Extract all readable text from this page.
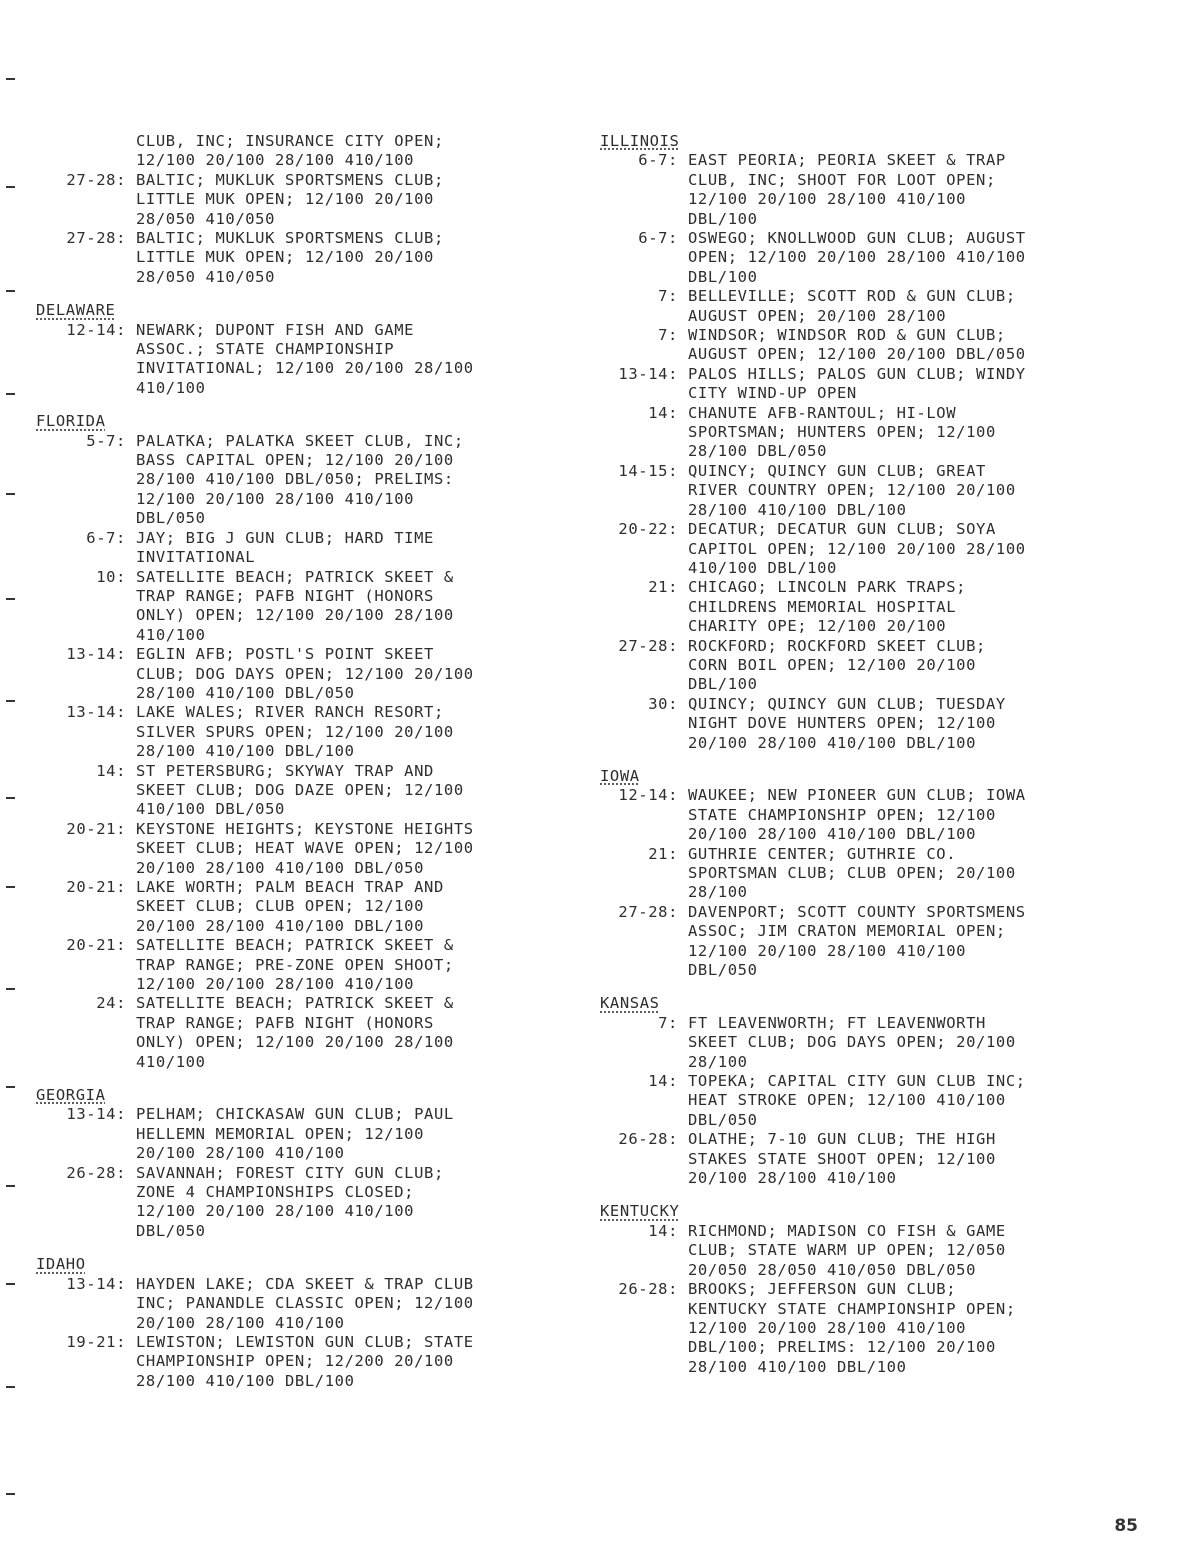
CLUB, INC; INSURANCE CITY OPEN;
12/100 20/100 28/100 410/100
27-28: BALTIC; MUKLUK SPORTSMENS CLUB;
LITTLE MUK OPEN; 12/100 20/100
28/050 410/050
27-28: BALTIC; MUKLUK SPORTSMENS CLUB;
LITTLE MUK OPEN; 12/100 20/100
28/050 410/050
DELAWARE
12-14: NEWARK; DUPONT FISH AND GAME
ASSOC.; STATE CHAMPIONSHIP
INVITATIONAL; 12/100 20/100 28/100
410/100
FLORIDA
5-7: PALATKA; PALATKA SKEET CLUB, INC;
BASS CAPITAL OPEN; 12/100 20/100
28/100 410/100 DBL/050; PRELIMS:
12/100 20/100 28/100 410/100
DBL/050
6-7: JAY; BIG J GUN CLUB; HARD TIME
INVITATIONAL
10: SATELLITE BEACH; PATRICK SKEET &
TRAP RANGE; PAFB NIGHT (HONORS
ONLY) OPEN; 12/100 20/100 28/100
410/100
13-14: EGLIN AFB; POSTL'S POINT SKEET
CLUB; DOG DAYS OPEN; 12/100 20/100
28/100 410/100 DBL/050
13-14: LAKE WALES; RIVER RANCH RESORT;
SILVER SPURS OPEN; 12/100 20/100
28/100 410/100 DBL/100
14: ST PETERSBURG; SKYWAY TRAP AND
SKEET CLUB; DOG DAZE OPEN; 12/100
410/100 DBL/050
20-21: KEYSTONE HEIGHTS; KEYSTONE HEIGHTS
SKEET CLUB; HEAT WAVE OPEN; 12/100
20/100 28/100 410/100 DBL/050
20-21: LAKE WORTH; PALM BEACH TRAP AND
SKEET CLUB; CLUB OPEN; 12/100
20/100 28/100 410/100 DBL/100
20-21: SATELLITE BEACH; PATRICK SKEET &
TRAP RANGE; PRE-ZONE OPEN SHOOT;
12/100 20/100 28/100 410/100
24: SATELLITE BEACH; PATRICK SKEET &
TRAP RANGE; PAFB NIGHT (HONORS
ONLY) OPEN; 12/100 20/100 28/100
410/100
GEORGIA
13-14: PELHAM; CHICKASAW GUN CLUB; PAUL
HELLEMN MEMORIAL OPEN; 12/100
20/100 28/100 410/100
26-28: SAVANNAH; FOREST CITY GUN CLUB;
ZONE 4 CHAMPIONSHIPS CLOSED;
12/100 20/100 28/100 410/100
DBL/050
IDAHO
13-14: HAYDEN LAKE; CDA SKEET & TRAP CLUB
INC; PANANDLE CLASSIC OPEN; 12/100
20/100 28/100 410/100
19-21: LEWISTON; LEWISTON GUN CLUB; STATE
CHAMPIONSHIP OPEN; 12/200 20/100
28/100 410/100 DBL/100
ILLINOIS
6-7: EAST PEORIA; PEORIA SKEET & TRAP
CLUB, INC; SHOOT FOR LOOT OPEN;
12/100 20/100 28/100 410/100
DBL/100
6-7: OSWEGO; KNOLLWOOD GUN CLUB; AUGUST
OPEN; 12/100 20/100 28/100 410/100
DBL/100
7: BELLEVILLE; SCOTT ROD & GUN CLUB;
AUGUST OPEN; 20/100 28/100
7: WINDSOR; WINDSOR ROD & GUN CLUB;
AUGUST OPEN; 12/100 20/100 DBL/050
13-14: PALOS HILLS; PALOS GUN CLUB; WINDY
CITY WIND-UP OPEN
14: CHANUTE AFB-RANTOUL; HI-LOW
SPORTSMAN; HUNTERS OPEN; 12/100
28/100 DBL/050
14-15: QUINCY; QUINCY GUN CLUB; GREAT
RIVER COUNTRY OPEN; 12/100 20/100
28/100 410/100 DBL/100
20-22: DECATUR; DECATUR GUN CLUB; SOYA
CAPITOL OPEN; 12/100 20/100 28/100
410/100 DBL/100
21: CHICAGO; LINCOLN PARK TRAPS;
CHILDRENS MEMORIAL HOSPITAL
CHARITY OPE; 12/100 20/100
27-28: ROCKFORD; ROCKFORD SKEET CLUB;
CORN BOIL OPEN; 12/100 20/100
DBL/100
30: QUINCY; QUINCY GUN CLUB; TUESDAY
NIGHT DOVE HUNTERS OPEN; 12/100
20/100 28/100 410/100 DBL/100
IOWA
12-14: WAUKEE; NEW PIONEER GUN CLUB; IOWA
STATE CHAMPIONSHIP OPEN; 12/100
20/100 28/100 410/100 DBL/100
21: GUTHRIE CENTER; GUTHRIE CO.
SPORTSMAN CLUB; CLUB OPEN; 20/100
28/100
27-28: DAVENPORT; SCOTT COUNTY SPORTSMENS
ASSOC; JIM CRATON MEMORIAL OPEN;
12/100 20/100 28/100 410/100
DBL/050
KANSAS
7: FT LEAVENWORTH; FT LEAVENWORTH
SKEET CLUB; DOG DAYS OPEN; 20/100
28/100
14: TOPEKA; CAPITAL CITY GUN CLUB INC;
HEAT STROKE OPEN; 12/100 410/100
DBL/050
26-28: OLATHE; 7-10 GUN CLUB; THE HIGH
STAKES STATE SHOOT OPEN; 12/100
20/100 28/100 410/100
KENTUCKY
14: RICHMOND; MADISON CO FISH & GAME
CLUB; STATE WARM UP OPEN; 12/050
20/050 28/050 410/050 DBL/050
26-28: BROOKS; JEFFERSON GUN CLUB;
KENTUCKY STATE CHAMPIONSHIP OPEN;
12/100 20/100 28/100 410/100
DBL/100; PRELIMS: 12/100 20/100
28/100 410/100 DBL/100
85
